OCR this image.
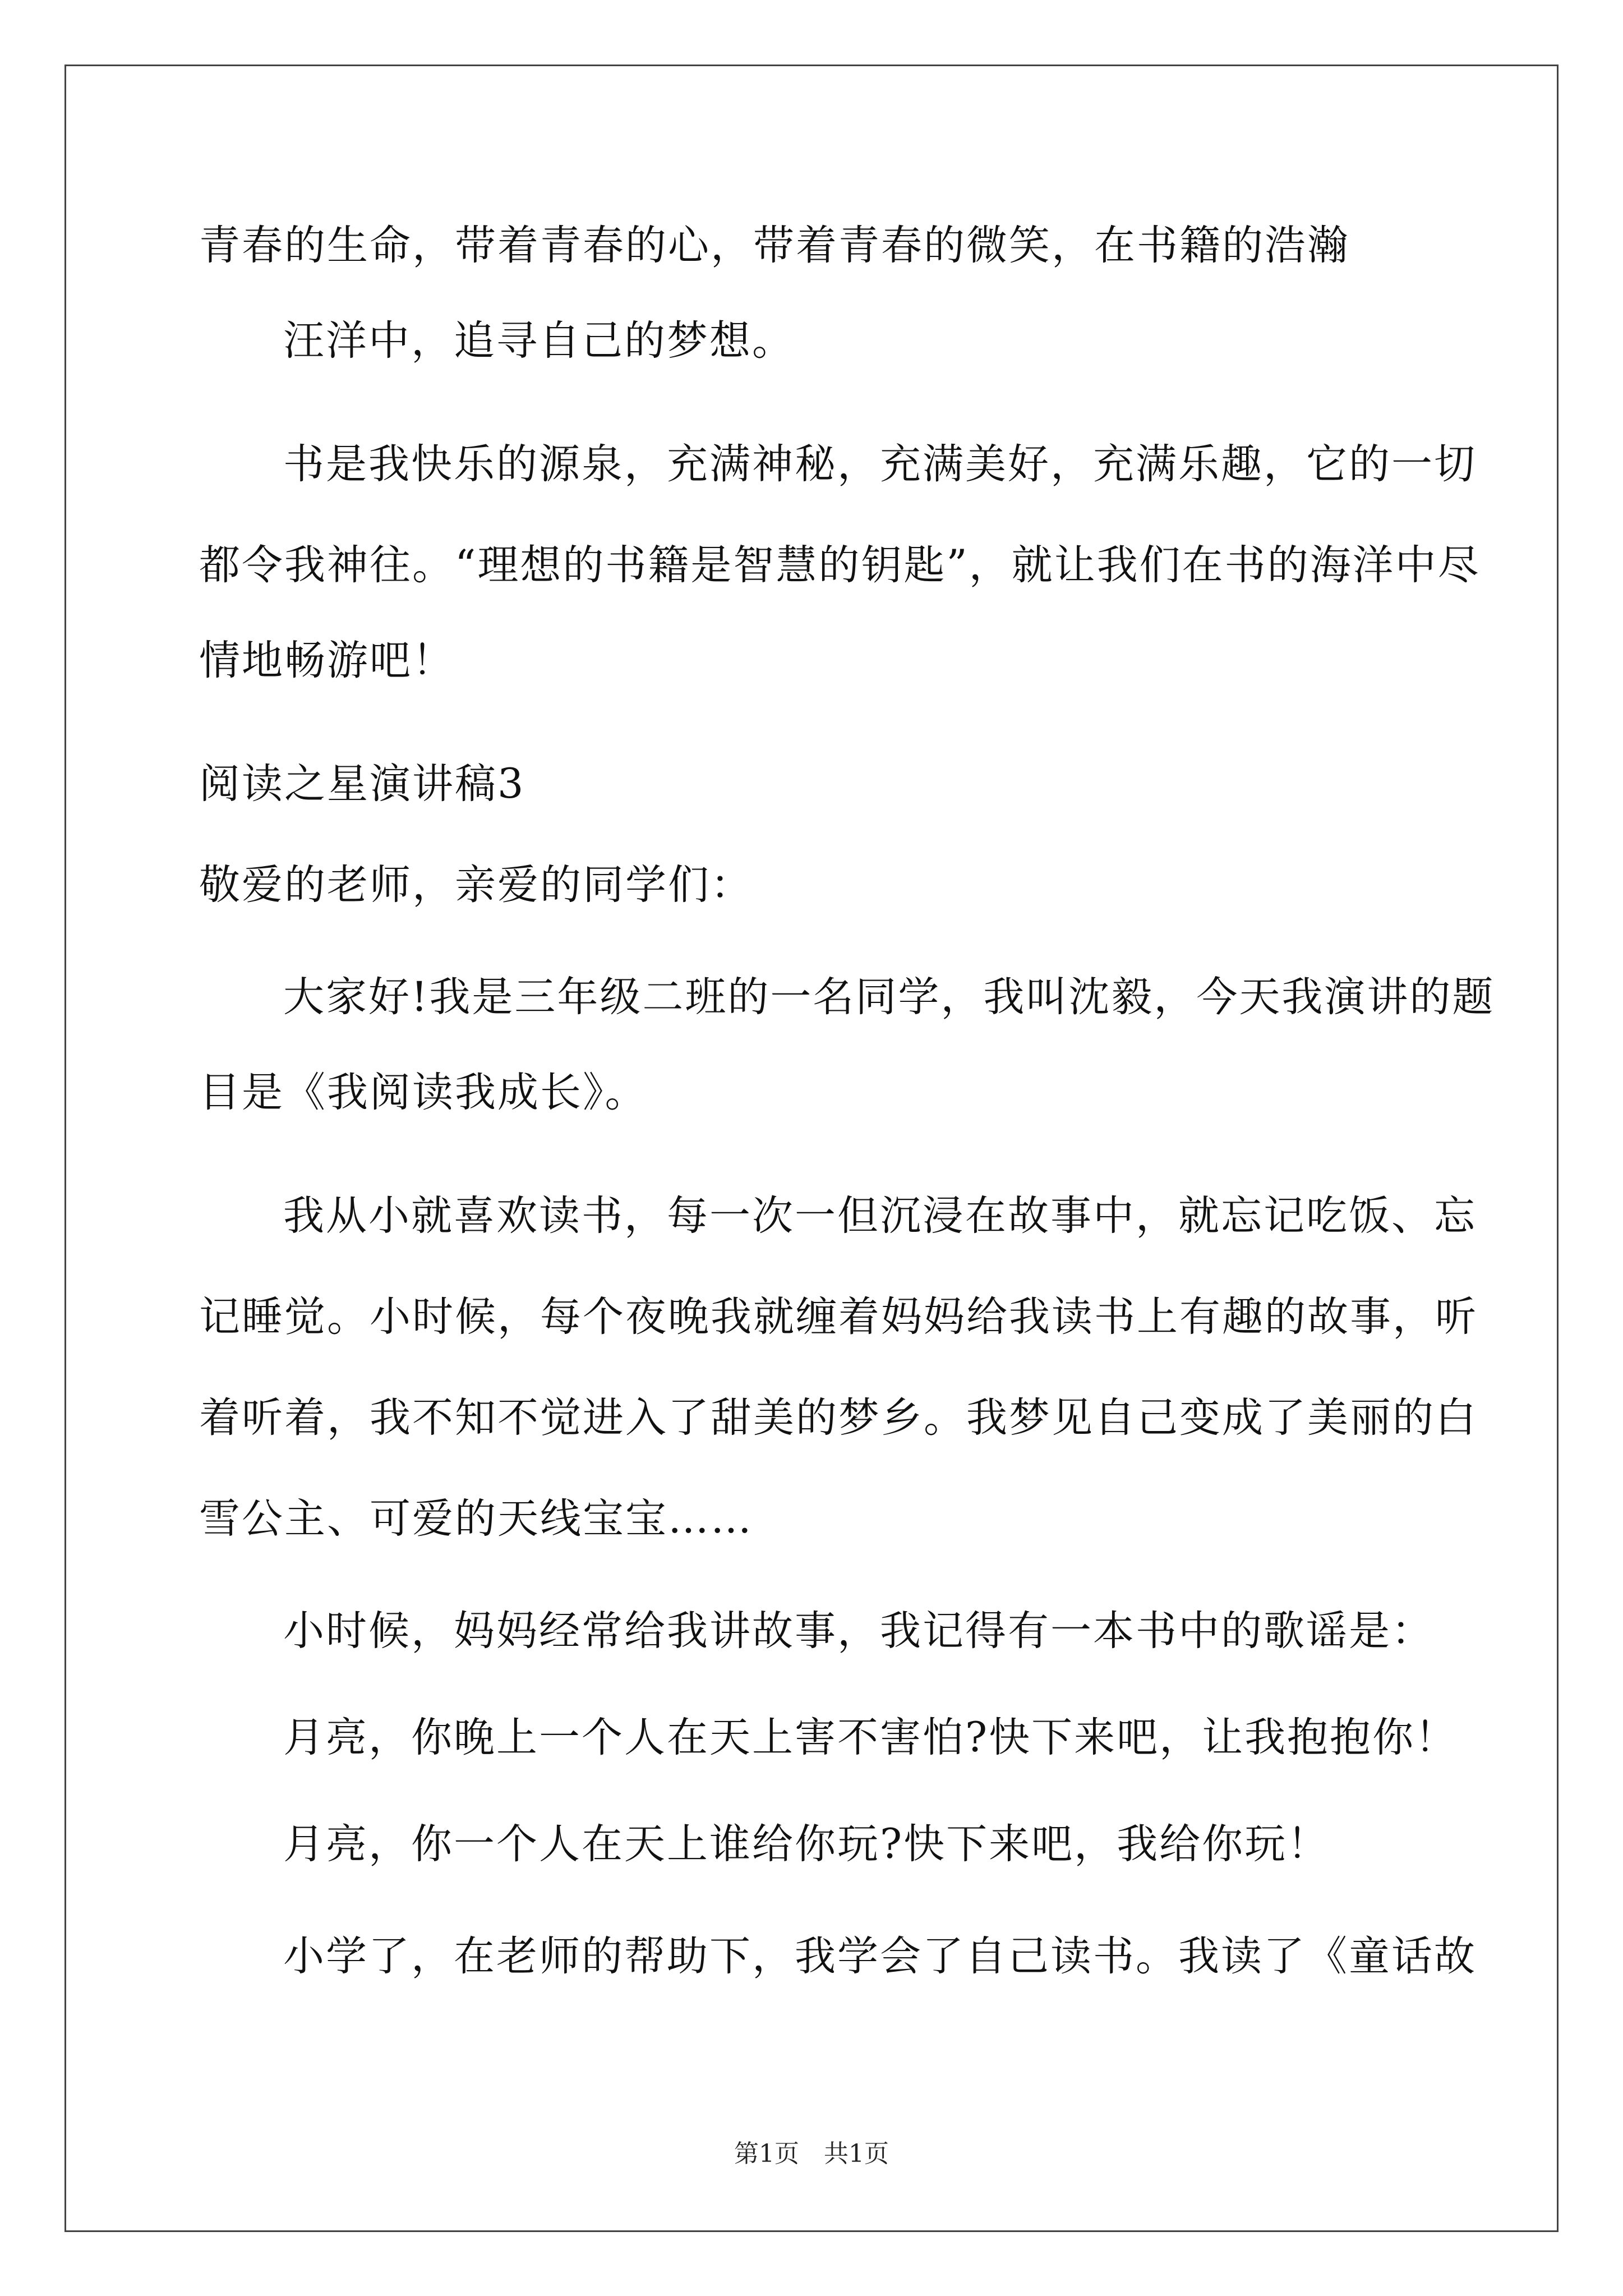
青春的生命，带着青春的心，带着青春的微笑，在书籍的浩瀚
汪洋中，追寻自己的梦想。
书是我快乐的源泉，充满神秘，充满美好，充满乐趣，它的一切
都令我神往。“理想的书籍是智慧的钥匙”，就让我们在书的海洋中尽
情地畅游吧！
阅读之星演讲稿3
敬爱的老师，亲爱的同学们：
大家好!我是三年级二班的一名同学，我叫沈毅，今天我演讲的题
目是《我阅读我成长》。
我从小就喜欢读书，每一次一但沉浸在故事中，就忘记吃饭、忘
记睡觉。小时候，每个夜晚我就缠着妈妈给我读书上有趣的故事，听
着听着，我不知不觉进入了甜美的梦乡。我梦见自己变成了美丽的白
雪公主、可爱的天线宝宝……
小时候，妈妈经常给我讲故事，我记得有一本书中的歌谣是：
月亮，你晚上一个人在天上害不害怕?快下来吧，让我抱抱你！
月亮，你一个人在天上谁给你玩?快下来吧，我给你玩！
小学了，在老师的帮助下，我学会了自己读书。我读了《童话故
第1页　共1页
